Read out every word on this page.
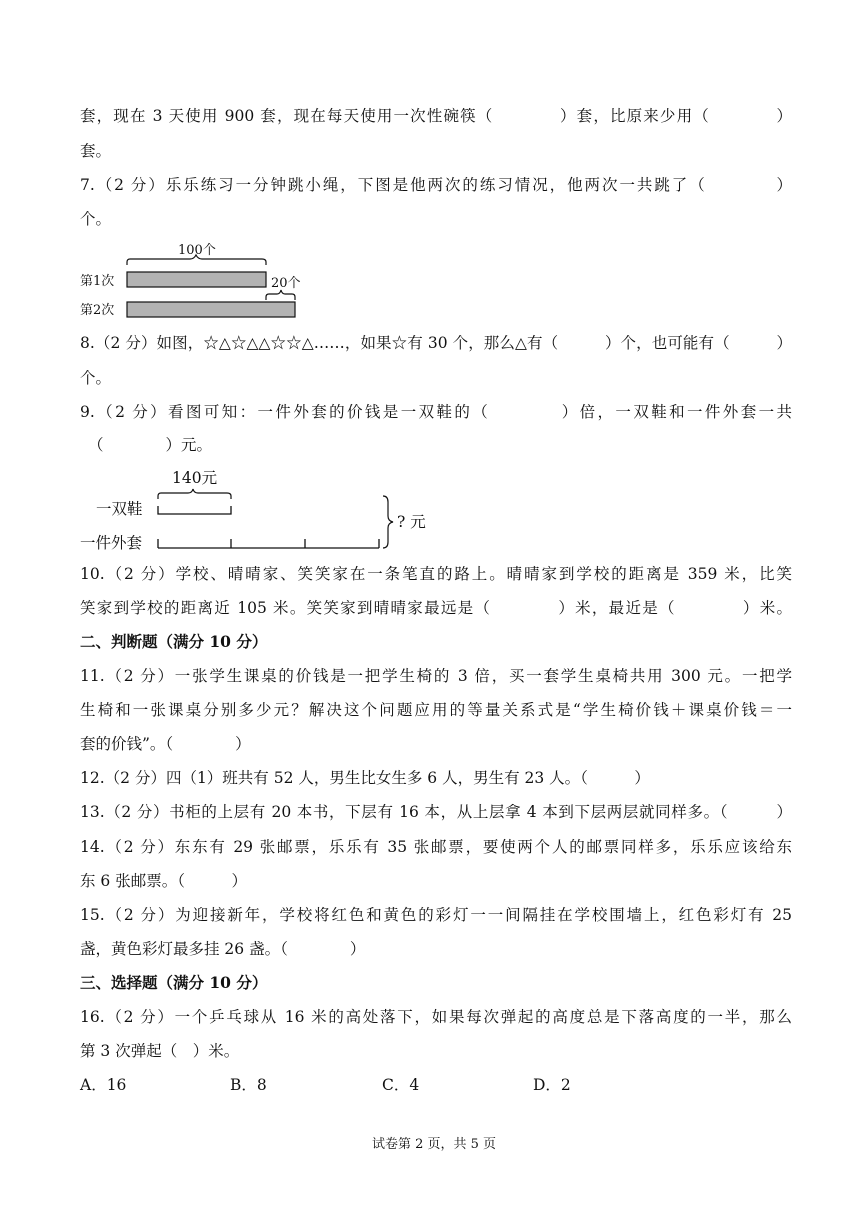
套，现在 3 天使用 900 套，现在每天使用一次性碗筷（　　　　）套，比原来少用（　　　　）
套。
7.（2 分）乐乐练习一分钟跳小绳，下图是他两次的练习情况，他两次一共跳了（　　　　）
个。
100个
第1次
第2次
20个
8.（2 分）如图，☆△☆△△☆☆△……，如果☆有 30 个，那么△有（　　　）个，也可能有（　　　）
个。
9.（2 分）看图可知：一件外套的价钱是一双鞋的（　　　　）倍，一双鞋和一件外套一共
（　　　　）元。
140元
一双鞋
一件外套
? 元
10.（2 分）学校、晴晴家、笑笑家在一条笔直的路上。晴晴家到学校的距离是 359 米，比笑
笑家到学校的距离近 105 米。笑笑家到晴晴家最远是（　　　　）米，最近是（　　　　）米。
二、判断题（满分 10 分）
11.（2 分）一张学生课桌的价钱是一把学生椅的 3 倍，买一套学生桌椅共用 300 元。一把学
生椅和一张课桌分别多少元？解决这个问题应用的等量关系式是“学生椅价钱＋课桌价钱＝一
套的价钱”。（　　　　）
12.（2 分）四（1）班共有 52 人，男生比女生多 6 人，男生有 23 人。（　　　）
13.（2 分）书柜的上层有 20 本书，下层有 16 本，从上层拿 4 本到下层两层就同样多。（　　　）
14.（2 分）东东有 29 张邮票，乐乐有 35 张邮票，要使两个人的邮票同样多，乐乐应该给东
东 6 张邮票。（　　　）
15.（2 分）为迎接新年，学校将红色和黄色的彩灯一一间隔挂在学校围墙上，红色彩灯有 25
盏，黄色彩灯最多挂 26 盏。（　　　　）
三、选择题（满分 10 分）
16.（2 分）一个乒乓球从 16 米的高处落下，如果每次弹起的高度总是下落高度的一半，那么
第 3 次弹起（　）米。
A．16	B．8	C．4	D．2
试卷第 2 页，共 5 页
